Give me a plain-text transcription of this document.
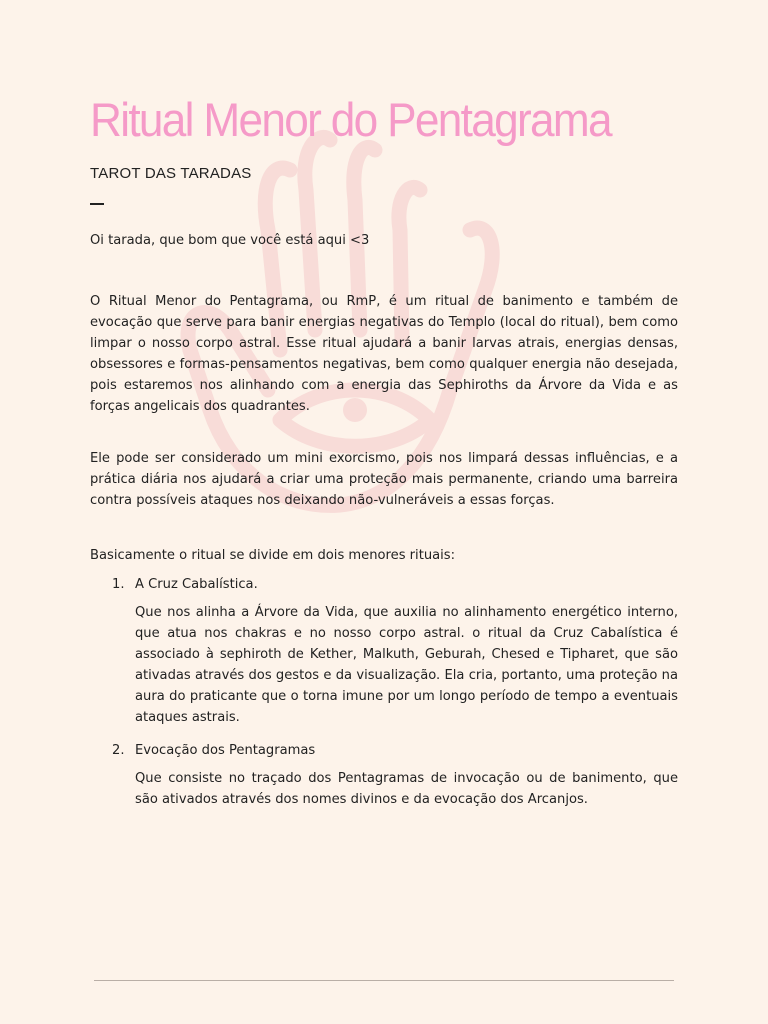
Ritual Menor do Pentagrama
TAROT DAS TARADAS

Oi tarada, que bom que você está aqui <3

O Ritual Menor do Pentagrama, ou RmP, é um ritual de banimento e também de evocação que serve para banir energias negativas do Templo (local do ritual), bem como limpar o nosso corpo astral. Esse ritual ajudará a banir larvas atrais, energias densas, obsessores e formas-pensamentos negativas, bem como qualquer energia não desejada, pois estaremos nos alinhando com a energia das Sephiroths da Árvore da Vida e as forças angelicais dos quadrantes.

Ele pode ser considerado um mini exorcismo, pois nos limpará dessas influências, e a prática diária nos ajudará a criar uma proteção mais permanente, criando uma barreira contra possíveis ataques nos deixando não-vulneráveis a essas forças.

Basicamente o ritual se divide em dois menores rituais:

1. A Cruz Cabalística.

Que nos alinha a Árvore da Vida, que auxilia no alinhamento energético interno, que atua nos chakras e no nosso corpo astral. o ritual da Cruz Cabalística é associado à sephiroth de Kether, Malkuth, Geburah, Chesed e Tipharet, que são ativadas através dos gestos e da visualização. Ela cria, portanto, uma proteção na aura do praticante que o torna imune por um longo período de tempo a eventuais ataques astrais.

2. Evocação dos Pentagramas

Que consiste no traçado dos Pentagramas de invocação ou de banimento, que são ativados através dos nomes divinos e da evocação dos Arcanjos.
